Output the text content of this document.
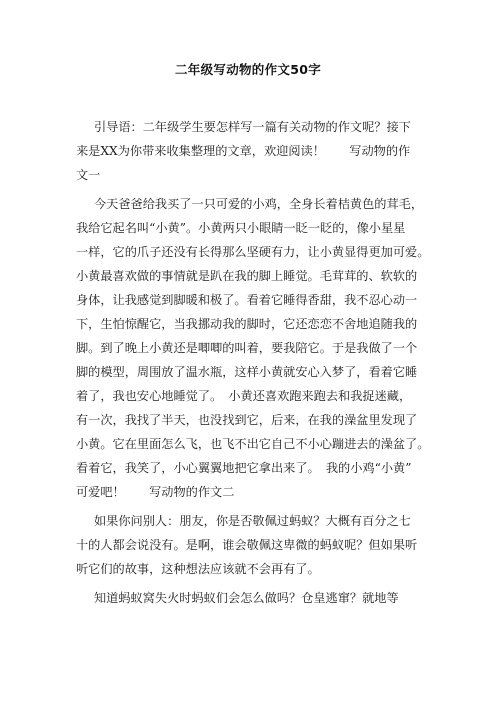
二年级写动物的作文50字
引导语：二年级学生要怎样写一篇有关动物的作文呢？接下
来是XX为你带来收集整理的文章，欢迎阅读！　　写动物的作
文一
今天爸爸给我买了一只可爱的小鸡，全身长着桔黄色的茸毛，
我给它起名叫“小黄”。小黄两只小眼睛一眨一眨的，像小星星
一样，它的爪子还没有长得那么坚硬有力，让小黄显得更加可爱。
小黄最喜欢做的事情就是趴在我的脚上睡觉。毛茸茸的、软软的
身体，让我感觉到脚暖和极了。看着它睡得香甜，我不忍心动一
下，生怕惊醒它，当我挪动我的脚时，它还恋恋不舍地追随我的
脚。到了晚上小黄还是唧唧的叫着，要我陪它。于是我做了一个
脚的模型，周围放了温水瓶，这样小黄就安心入梦了，看着它睡
着了，我也安心地睡觉了。　小黄还喜欢跑来跑去和我捉迷藏，
有一次，我找了半天，也没找到它，后来，在我的澡盆里发现了
小黄。它在里面怎么飞，也飞不出它自己不小心蹦进去的澡盆了。
看着它，我笑了，小心翼翼地把它拿出来了。　我的小鸡“小黄”
可爱吧！　　写动物的作文二
如果你问别人：朋友，你是否敬佩过蚂蚁？大概有百分之七
十的人都会说没有。是啊，谁会敬佩这卑微的蚂蚁呢？但如果听
听它们的故事，这种想法应该就不会再有了。
知道蚂蚁窝失火时蚂蚁们会怎么做吗？仓皇逃窜？就地等
